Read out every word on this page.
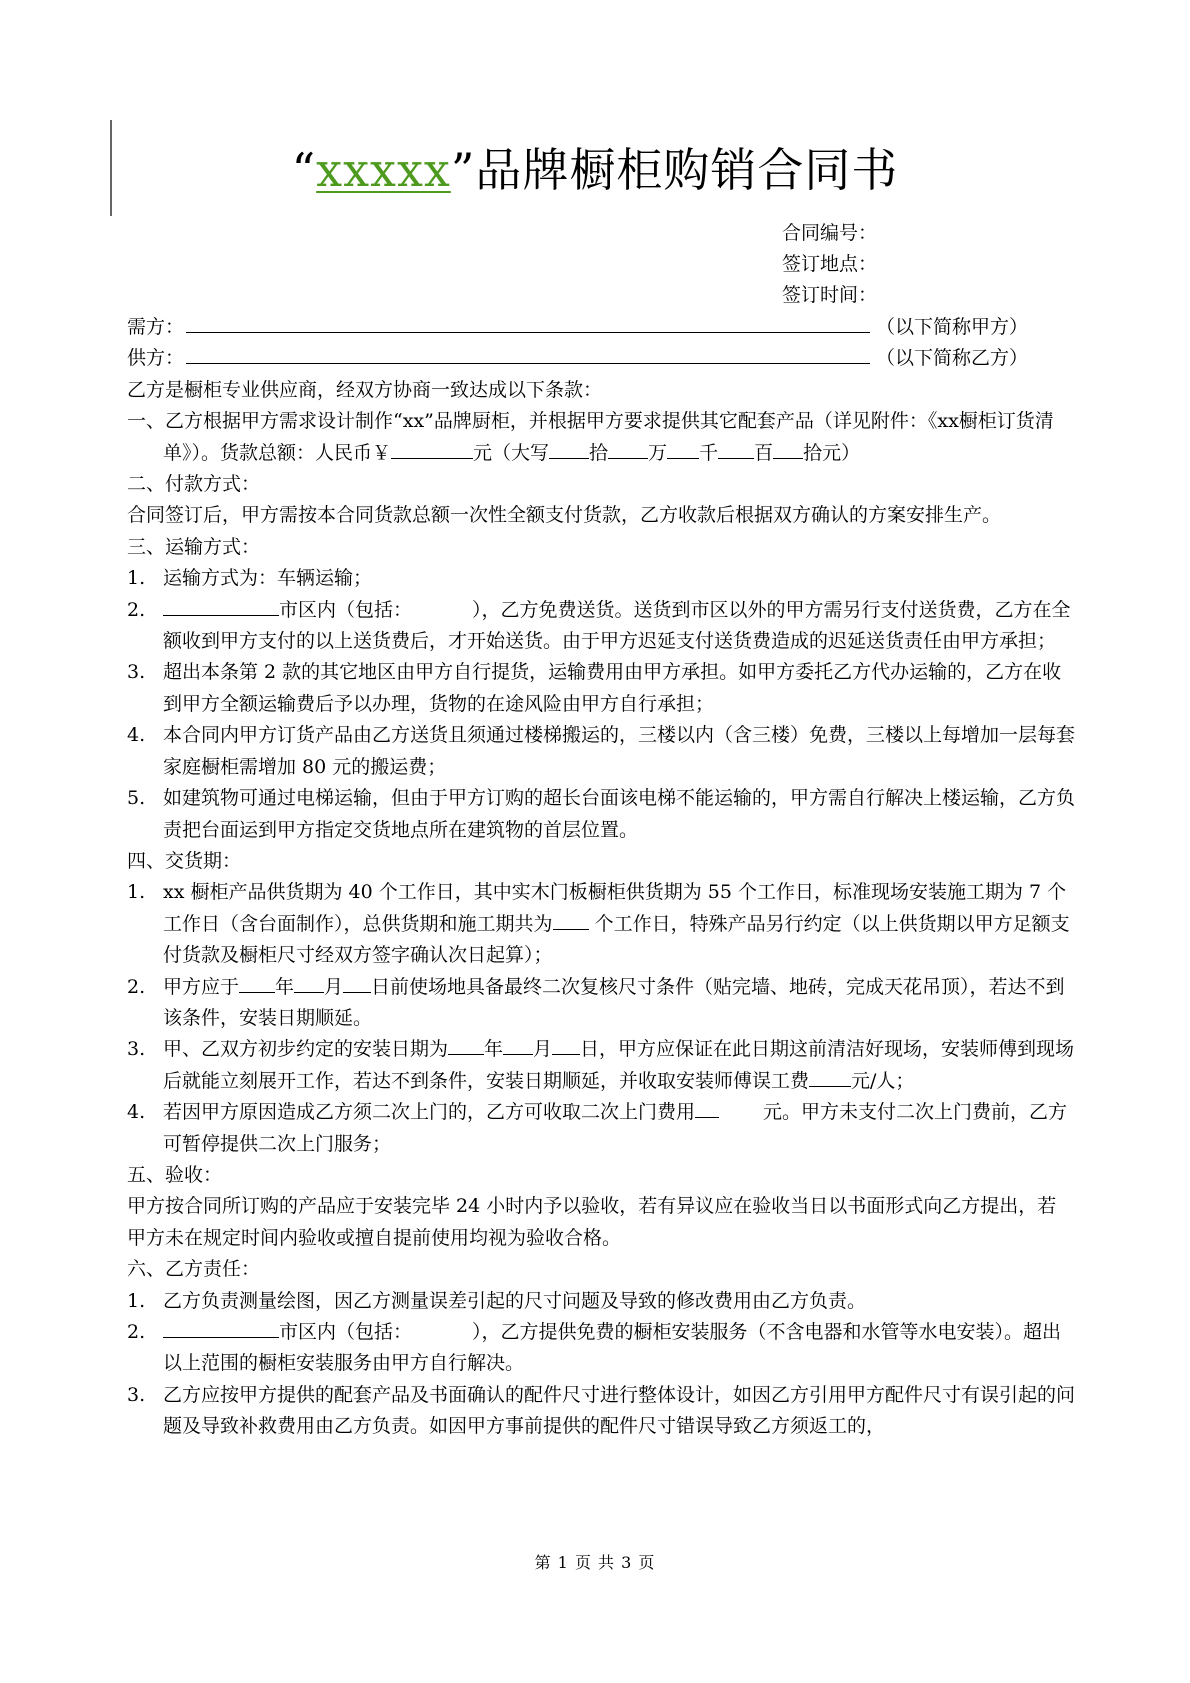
“xxxxx”品牌橱柜购销合同书
合同编号：
签订地点：
签订时间：
需方：	（以下简称甲方）
供方：	（以下简称乙方）

乙方是橱柜专业供应商，经双方协商一致达成以下条款：

一、乙方根据甲方需求设计制作“xx”品牌厨柜，并根据甲方要求提供其它配套产品（详见附件：《xx橱柜订货清单》）。货款总额：人民币￥	元（大写 拾 万 千 百 拾元）

二、付款方式：

合同签订后，甲方需按本合同货款总额一次性全额支付货款，乙方收款后根据双方确认的方案安排生产。

三、运输方式：

1. 运输方式为：车辆运输；
2.	市区内（包括：	），乙方免费送货。送货到市区以外的甲方需另行支付送货费，乙方在全额收到甲方支付的以上送货费后，才开始送货。由于甲方迟延支付送货费造成的迟延送货责任由甲方承担；
3. 超出本条第 2 款的其它地区由甲方自行提货，运输费用由甲方承担。如甲方委托乙方代办运输的，乙方在收到甲方全额运输费后予以办理，货物的在途风险由甲方自行承担；
4. 本合同内甲方订货产品由乙方送货且须通过楼梯搬运的，三楼以内（含三楼）免费，三楼以上每增加一层每套家庭橱柜需增加 80 元的搬运费；
5. 如建筑物可通过电梯运输，但由于甲方订购的超长台面该电梯不能运输的，甲方需自行解决上楼运输，乙方负责把台面运到甲方指定交货地点所在建筑物的首层位置。

四、交货期：

1. xx 橱柜产品供货期为 40 个工作日，其中实木门板橱柜供货期为 55 个工作日，标准现场安装施工期为 7 个工作日（含台面制作），总供货期和施工期共为 个工作日，特殊产品另行约定（以上供货期以甲方足额支付货款及橱柜尺寸经双方签字确认次日起算）；
2. 甲方应于 年 月 日前使场地具备最终二次复核尺寸条件（贴完墙、地砖，完成天花吊顶），若达不到该条件，安装日期顺延。
3. 甲、乙双方初步约定的安装日期为 年 月 日，甲方应保证在此日期这前清洁好现场，安装师傅到现场后就能立刻展开工作，若达不到条件，安装日期顺延，并收取安装师傅误工费 元/人；
4. 若因甲方原因造成乙方须二次上门的，乙方可收取二次上门费用	元。甲方未支付二次上门费前，乙方可暂停提供二次上门服务；

五、验收：

甲方按合同所订购的产品应于安装完毕 24 小时内予以验收，若有异议应在验收当日以书面形式向乙方提出，若甲方未在规定时间内验收或擅自提前使用均视为验收合格。

六、乙方责任：

1. 乙方负责测量绘图，因乙方测量误差引起的尺寸问题及导致的修改费用由乙方负责。
2.	市区内（包括：	），乙方提供免费的橱柜安装服务（不含电器和水管等水电安装）。超出以上范围的橱柜安装服务由甲方自行解决。
3. 乙方应按甲方提供的配套产品及书面确认的配件尺寸进行整体设计，如因乙方引用甲方配件尺寸有误引起的问题及导致补救费用由乙方负责。如因甲方事前提供的配件尺寸错误导致乙方须返工的，
第 1 页 共 3 页
